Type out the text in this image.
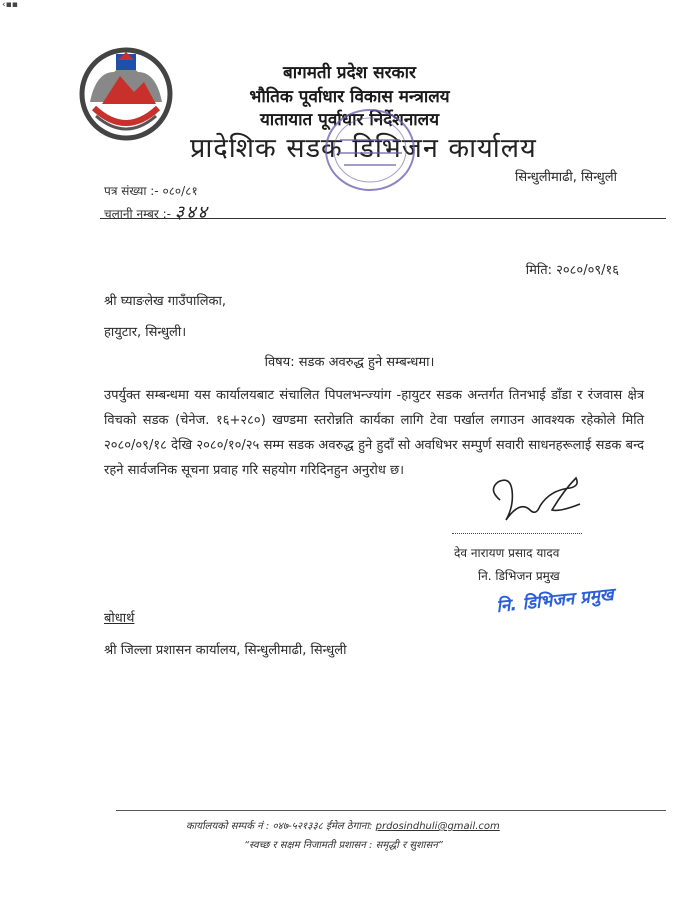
‹▪▪
बागमती प्रदेश सरकार
भौतिक पूर्वाधार विकास मन्त्रालय
यातायात पूर्वाधार निर्देशनालय
प्रादेशिक सडक डिभिजन कार्यालय
सिन्धुलीमाढी, सिन्धुली
पत्र संख्या :- ०८०/८१
चलानी नम्बर :- ३४४
मिति: २०८०/०९/१६
श्री घ्याङलेख गाउँपालिका,
हायुटार, सिन्धुली।
विषय: सडक अवरुद्ध हुने सम्बन्धमा।
उपर्युक्त सम्बन्धमा यस कार्यालयबाट संचालित पिपलभन्ज्यांग -हायुटर सडक अन्तर्गत तिनभाई डाँडा र रंजवास क्षेत्र विचको सडक (चेनेज. १६+२८०) खण्डमा स्तरोन्नति कार्यका लागि टेवा पर्खाल लगाउन आवश्यक रहेकोले मिति २०८०/०९/१८ देखि २०८०/१०/२५ सम्म सडक अवरुद्ध हुने हुदाँ सो अवधिभर सम्पुर्ण सवारी साधनहरूलाई सडक बन्द रहने सार्वजनिक सूचना प्रवाह गरि सहयोग गरिदिनहुन अनुरोध छ।
देव नारायण प्रसाद यादव
नि. डिभिजन प्रमुख
नि. डिभिजन प्रमुख
बोधार्थ
श्री जिल्ला प्रशासन कार्यालय, सिन्धुलीमाढी, सिन्धुली
कार्यालयको सम्पर्क नं : ०४७-५२१३३८ ईमेल ठेगाना: prdosindhuli@gmail.com
“स्वच्छ र सक्षम निजामती प्रशासन : समृद्धी र सुशासन”
